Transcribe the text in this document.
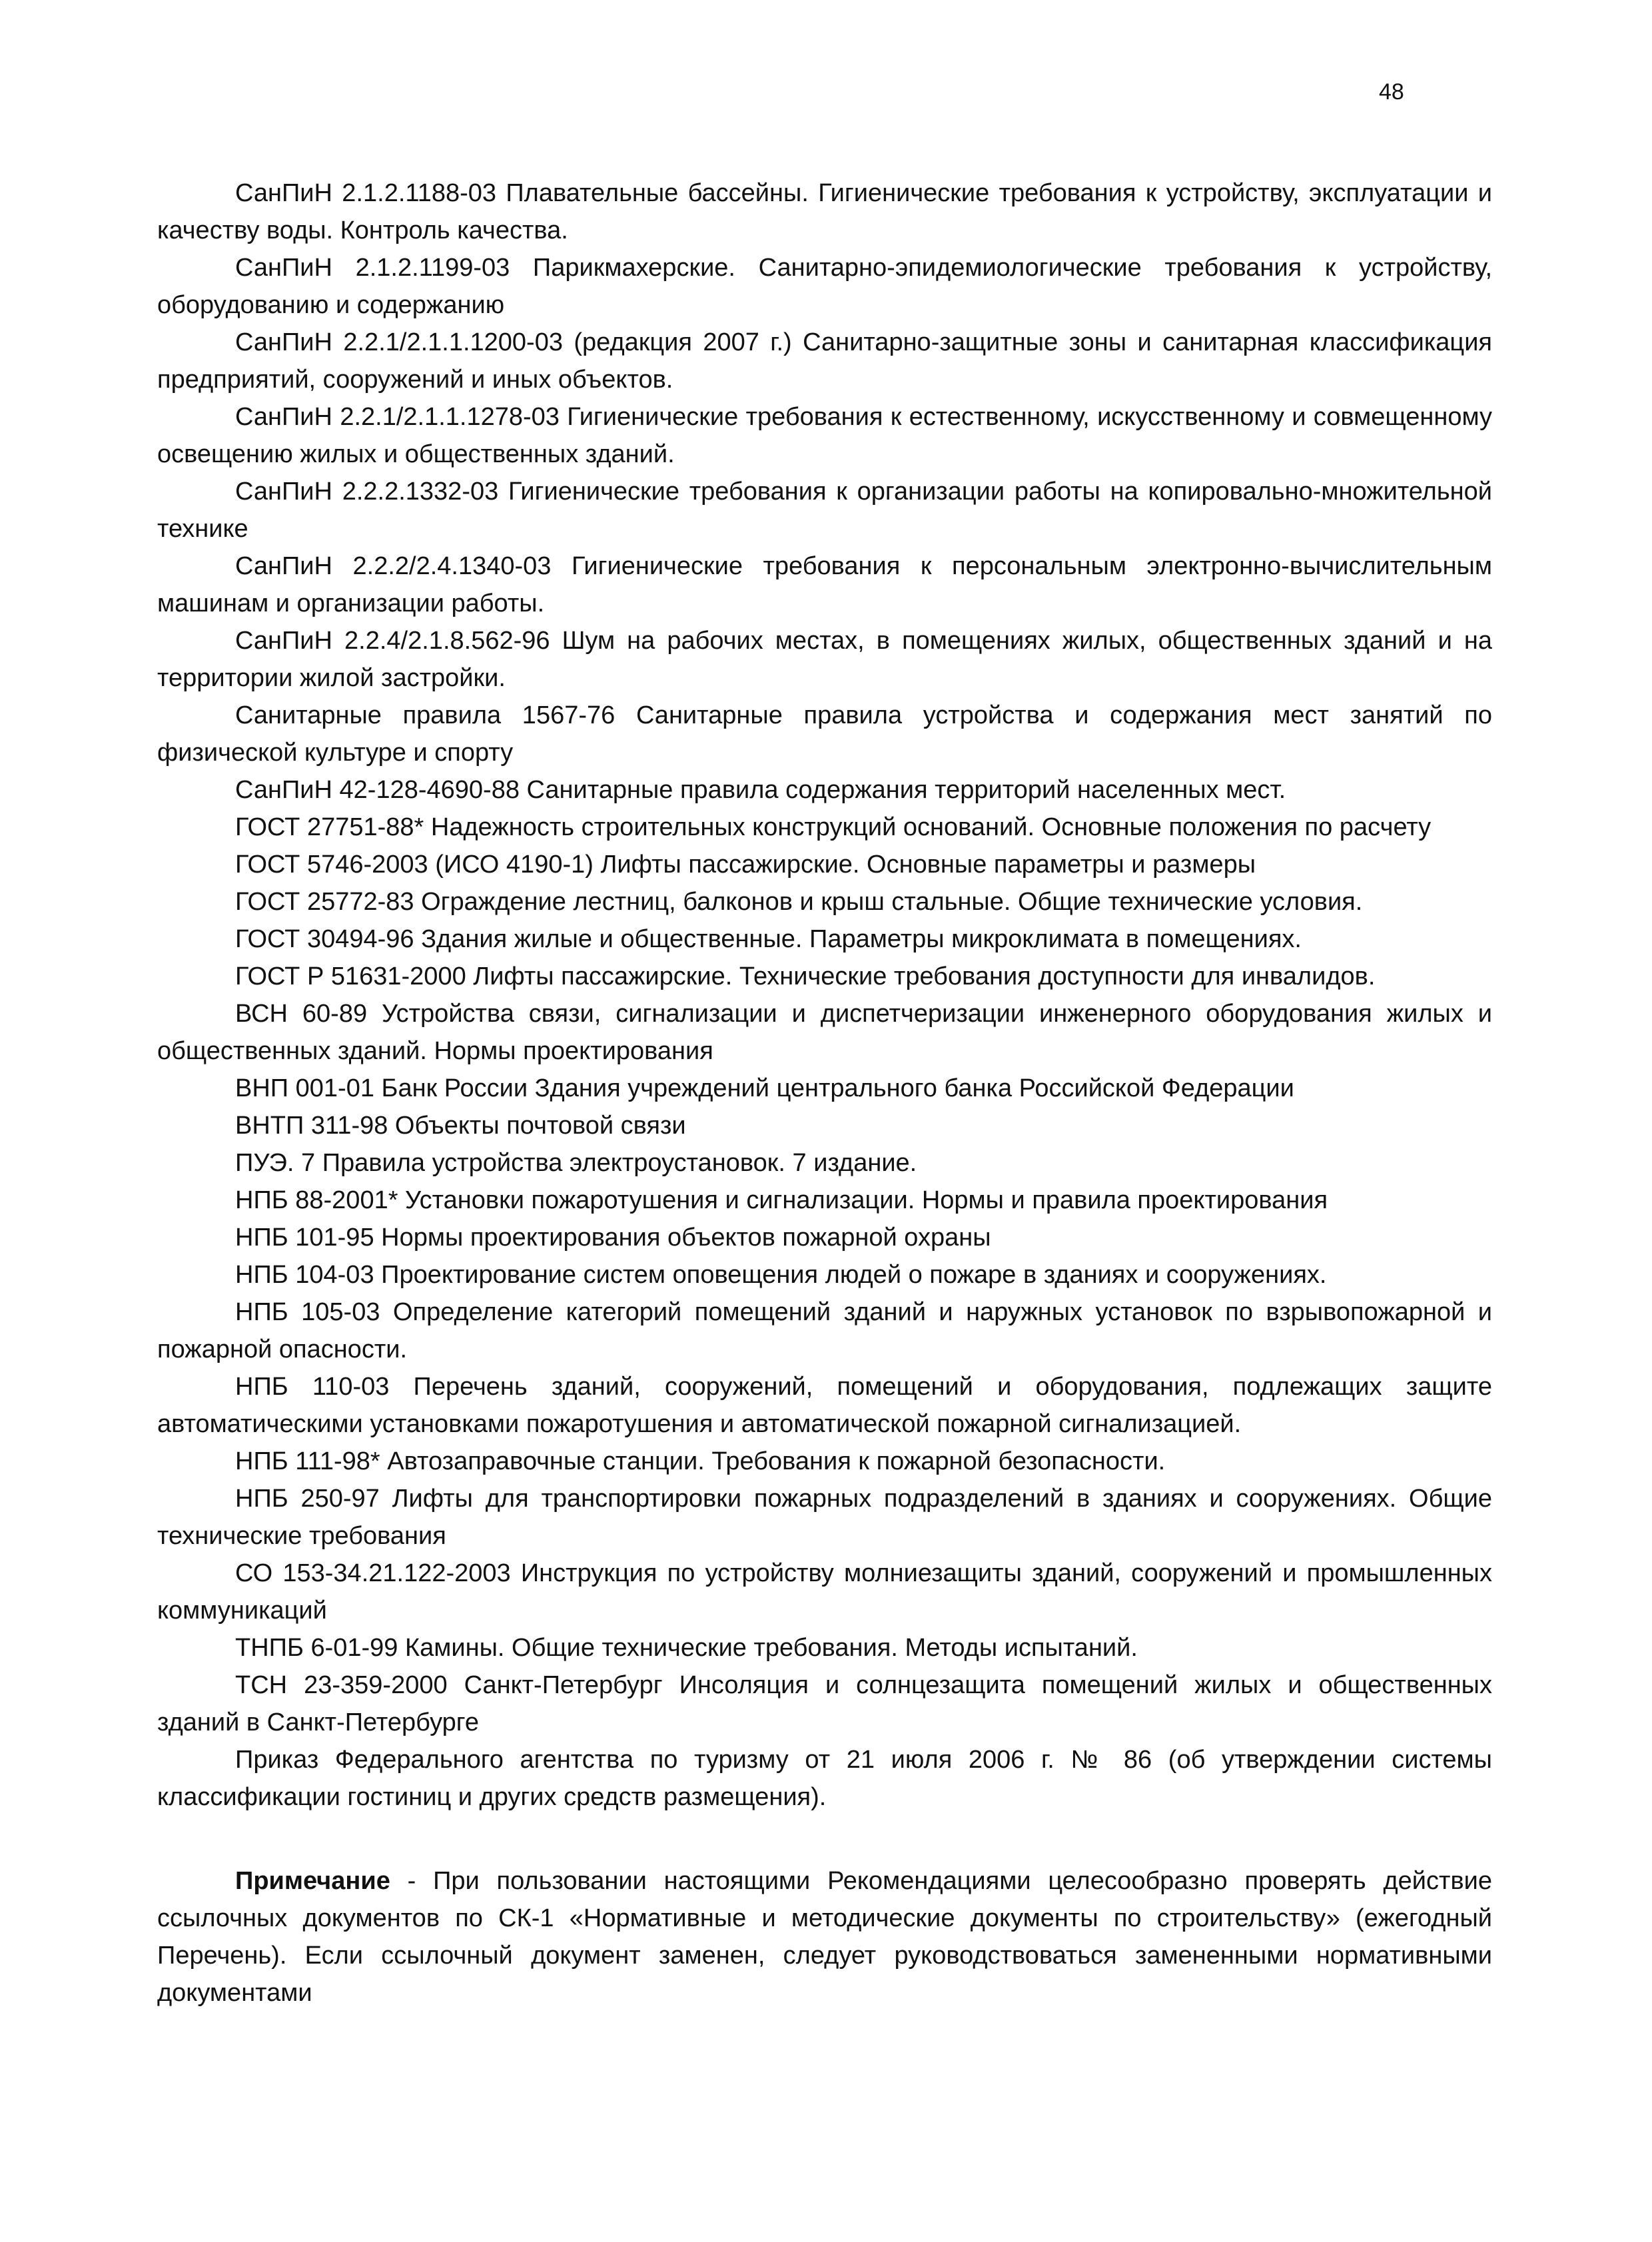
48

СанПиН 2.1.2.1188-03 Плавательные бассейны. Гигиенические требования к устройству, эксплуатации и качеству воды. Контроль качества.

СанПиН 2.1.2.1199-03 Парикмахерские. Санитарно-эпидемиологические требования к устройству, оборудованию и содержанию

СанПиН 2.2.1/2.1.1.1200-03 (редакция 2007 г.) Санитарно-защитные зоны и санитарная классификация предприятий, сооружений и иных объектов.

СанПиН 2.2.1/2.1.1.1278-03 Гигиенические требования к естественному, искусственному и совмещенному освещению жилых и общественных зданий.

СанПиН 2.2.2.1332-03 Гигиенические требования к организации работы на копировально-множительной технике

СанПиН 2.2.2/2.4.1340-03 Гигиенические требования к персональным электронно-вычислительным машинам и организации работы.

СанПиН 2.2.4/2.1.8.562-96 Шум на рабочих местах, в помещениях жилых, общественных зданий и на территории жилой застройки.

Санитарные правила 1567-76 Санитарные правила устройства и содержания мест занятий по физической культуре и спорту

СанПиН 42-128-4690-88 Санитарные правила содержания территорий населенных мест.

ГОСТ 27751-88* Надежность строительных конструкций оснований. Основные положения по расчету

ГОСТ 5746-2003 (ИСО 4190-1) Лифты пассажирские. Основные параметры и размеры

ГОСТ 25772-83 Ограждение лестниц, балконов и крыш стальные. Общие технические условия.

ГОСТ 30494-96 Здания жилые и общественные. Параметры микроклимата в помещениях.

ГОСТ Р 51631-2000 Лифты пассажирские. Технические требования доступности для инвалидов.

ВСН 60-89 Устройства связи, сигнализации и диспетчеризации инженерного оборудования жилых и общественных зданий. Нормы проектирования

ВНП 001-01 Банк России Здания учреждений центрального банка Российской Федерации

ВНТП 311-98 Объекты почтовой связи

ПУЭ. 7 Правила устройства электроустановок. 7 издание.

НПБ 88-2001* Установки пожаротушения и сигнализации. Нормы и правила проектирования

НПБ 101-95 Нормы проектирования объектов пожарной охраны

НПБ 104-03 Проектирование систем оповещения людей о пожаре в зданиях и сооружениях.

НПБ 105-03 Определение категорий помещений зданий и наружных установок по взрывопожарной и пожарной опасности.

НПБ 110-03 Перечень зданий, сооружений, помещений и оборудования, подлежащих защите автоматическими установками пожаротушения и автоматической пожарной сигнализацией.

НПБ 111-98* Автозаправочные станции. Требования к пожарной безопасности.

НПБ 250-97 Лифты для транспортировки пожарных подразделений в зданиях и сооружениях. Общие технические требования

СО 153-34.21.122-2003 Инструкция по устройству молниезащиты зданий, сооружений и промышленных коммуникаций

ТНПБ 6-01-99 Камины. Общие технические требования. Методы испытаний.

ТСН 23-359-2000 Санкт-Петербург Инсоляция и солнцезащита помещений жилых и общественных зданий в Санкт-Петербурге

Приказ Федерального агентства по туризму от 21 июля 2006 г. № 86 (об утверждении системы классификации гостиниц и других средств размещения).

Примечание - При пользовании настоящими Рекомендациями целесообразно проверять действие ссылочных документов по СК-1 «Нормативные и методические документы по строительству» (ежегодный Перечень). Если ссылочный документ заменен, следует руководствоваться замененными нормативными документами
